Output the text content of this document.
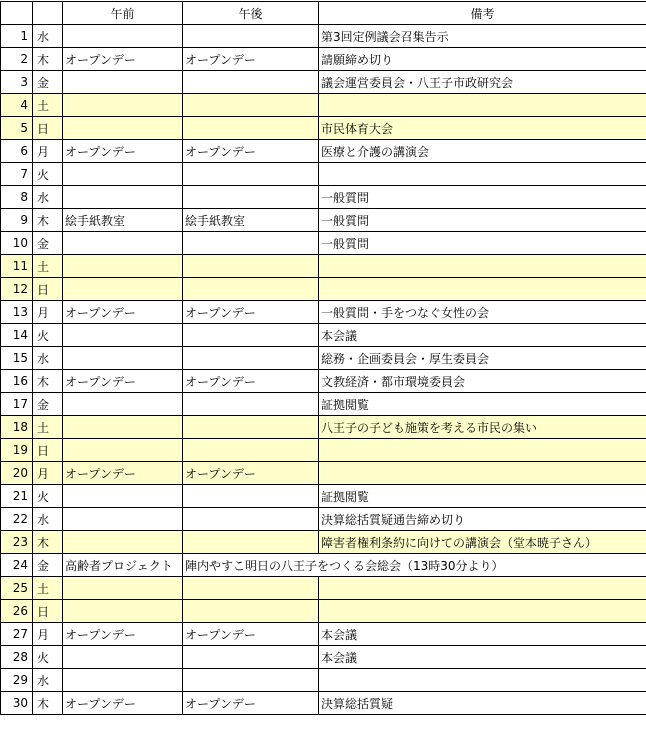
		午前	午後	備考
1	水			第3回定例議会召集告示
2	木	オープンデー	オープンデー	請願締め切り
3	金			議会運営委員会・八王子市政研究会
4	土			
5	日			市民体育大会
6	月	オープンデー	オープンデー	医療と介護の講演会
7	火			
8	水			一般質問
9	木	絵手紙教室	絵手紙教室	一般質問
10	金			一般質問
11	土			
12	日			
13	月	オープンデー	オープンデー	一般質問・手をつなぐ女性の会
14	火			本会議
15	水			総務・企画委員会・厚生委員会
16	木	オープンデー	オープンデー	文教経済・都市環境委員会
17	金			証拠閲覧
18	土			八王子の子ども施策を考える市民の集い
19	日			
20	月	オープンデー	オープンデー	
21	火			証拠閲覧
22	水			決算総括質疑通告締め切り
23	木			障害者権利条約に向けての講演会（堂本暁子さん）
24	金	高齢者プロジェクト	陣内やすこ明日の八王子をつくる会総会（13時30分より）	
25	土			
26	日			
27	月	オープンデー	オープンデー	本会議
28	火			本会議
29	水			
30	木	オープンデー	オープンデー	決算総括質疑
